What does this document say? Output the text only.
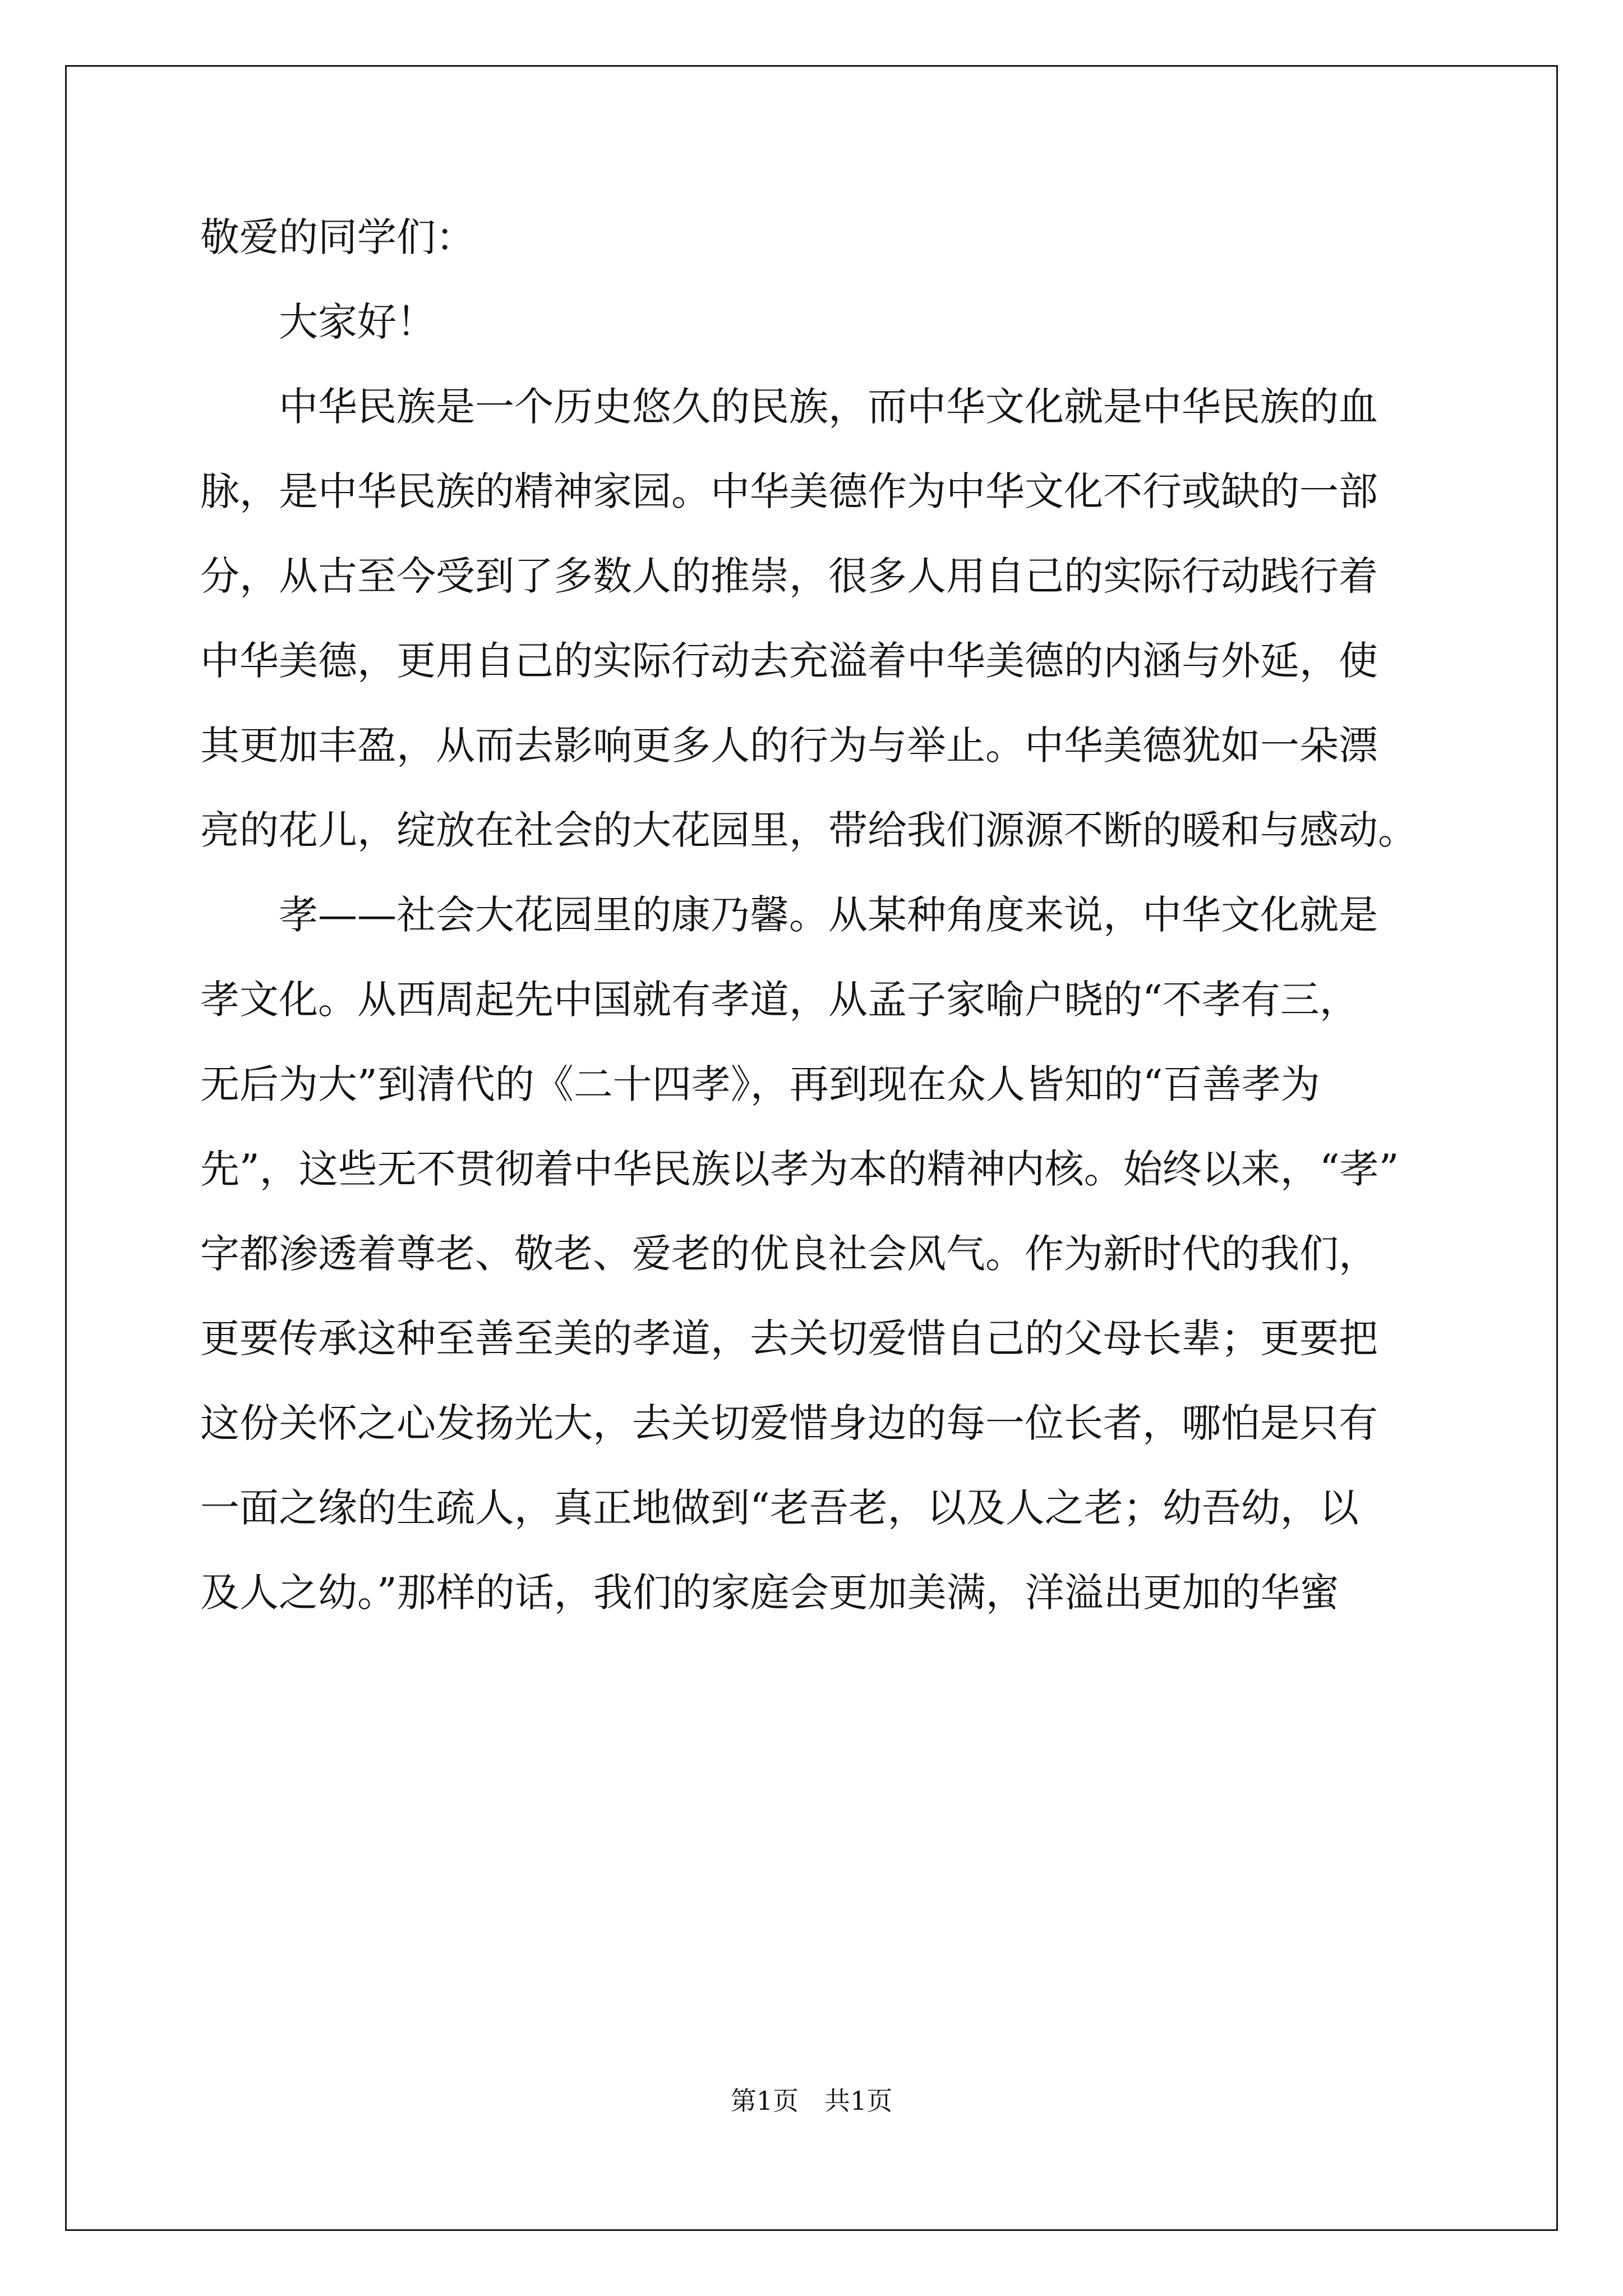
敬爱的同学们：

　　大家好！

　　中华民族是一个历史悠久的民族，而中华文化就是中华民族的血

脉，是中华民族的精神家园。中华美德作为中华文化不行或缺的一部

分，从古至今受到了多数人的推崇，很多人用自己的实际行动践行着

中华美德，更用自己的实际行动去充溢着中华美德的内涵与外延，使

其更加丰盈，从而去影响更多人的行为与举止。中华美德犹如一朵漂

亮的花儿，绽放在社会的大花园里，带给我们源源不断的暖和与感动。

　　孝——社会大花园里的康乃馨。从某种角度来说，中华文化就是

孝文化。从西周起先中国就有孝道，从孟子家喻户晓的“不孝有三，

无后为大”到清代的《二十四孝》，再到现在众人皆知的“百善孝为

先”，这些无不贯彻着中华民族以孝为本的精神内核。始终以来，“孝”

字都渗透着尊老、敬老、爱老的优良社会风气。作为新时代的我们，

更要传承这种至善至美的孝道，去关切爱惜自己的父母长辈；更要把

这份关怀之心发扬光大，去关切爱惜身边的每一位长者，哪怕是只有

一面之缘的生疏人，真正地做到“老吾老，以及人之老；幼吾幼，以

及人之幼。”那样的话，我们的家庭会更加美满，洋溢出更加的华蜜

第1页　共1页
